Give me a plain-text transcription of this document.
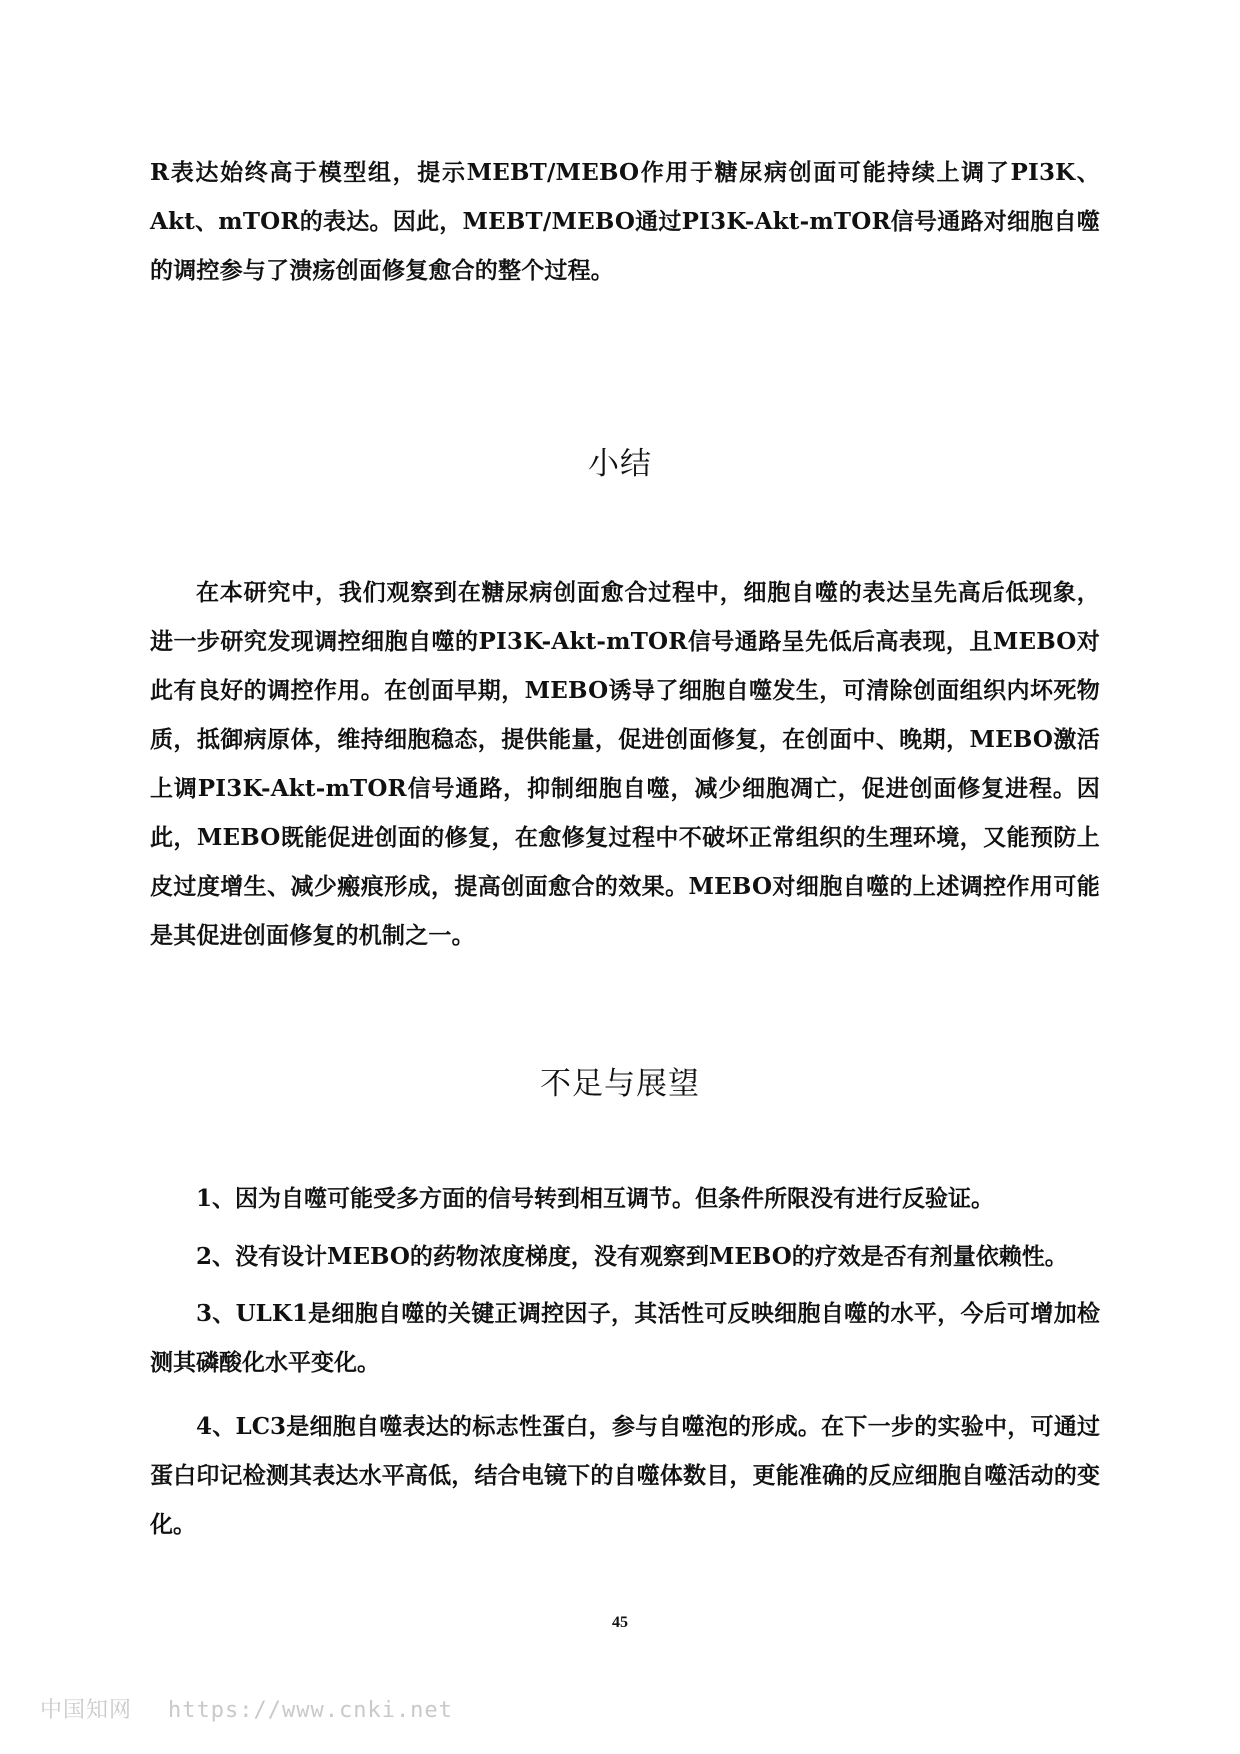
R表达始终高于模型组，提示MEBT/MEBO作用于糖尿病创面可能持续上调了PI3K、Akt、mTOR的表达。因此，MEBT/MEBO通过PI3K-Akt-mTOR信号通路对细胞自噬的调控参与了溃疡创面修复愈合的整个过程。

小结

在本研究中，我们观察到在糖尿病创面愈合过程中，细胞自噬的表达呈先高后低现象，进一步研究发现调控细胞自噬的PI3K-Akt-mTOR信号通路呈先低后高表现，且MEBO对此有良好的调控作用。在创面早期，MEBO诱导了细胞自噬发生，可清除创面组织内坏死物质，抵御病原体，维持细胞稳态，提供能量，促进创面修复，在创面中、晚期，MEBO激活上调PI3K-Akt-mTOR信号通路，抑制细胞自噬，减少细胞凋亡，促进创面修复进程。因此，MEBO既能促进创面的修复，在愈修复过程中不破坏正常组织的生理环境，又能预防上皮过度增生、减少瘢痕形成，提高创面愈合的效果。MEBO对细胞自噬的上述调控作用可能是其促进创面修复的机制之一。

不足与展望

1、因为自噬可能受多方面的信号转到相互调节。但条件所限没有进行反验证。

2、没有设计MEBO的药物浓度梯度，没有观察到MEBO的疗效是否有剂量依赖性。

3、ULK1是细胞自噬的关键正调控因子，其活性可反映细胞自噬的水平，今后可增加检测其磷酸化水平变化。

4、LC3是细胞自噬表达的标志性蛋白，参与自噬泡的形成。在下一步的实验中，可通过蛋白印记检测其表达水平高低，结合电镜下的自噬体数目，更能准确的反应细胞自噬活动的变化。

45
中国知网 https://www.cnki.net
